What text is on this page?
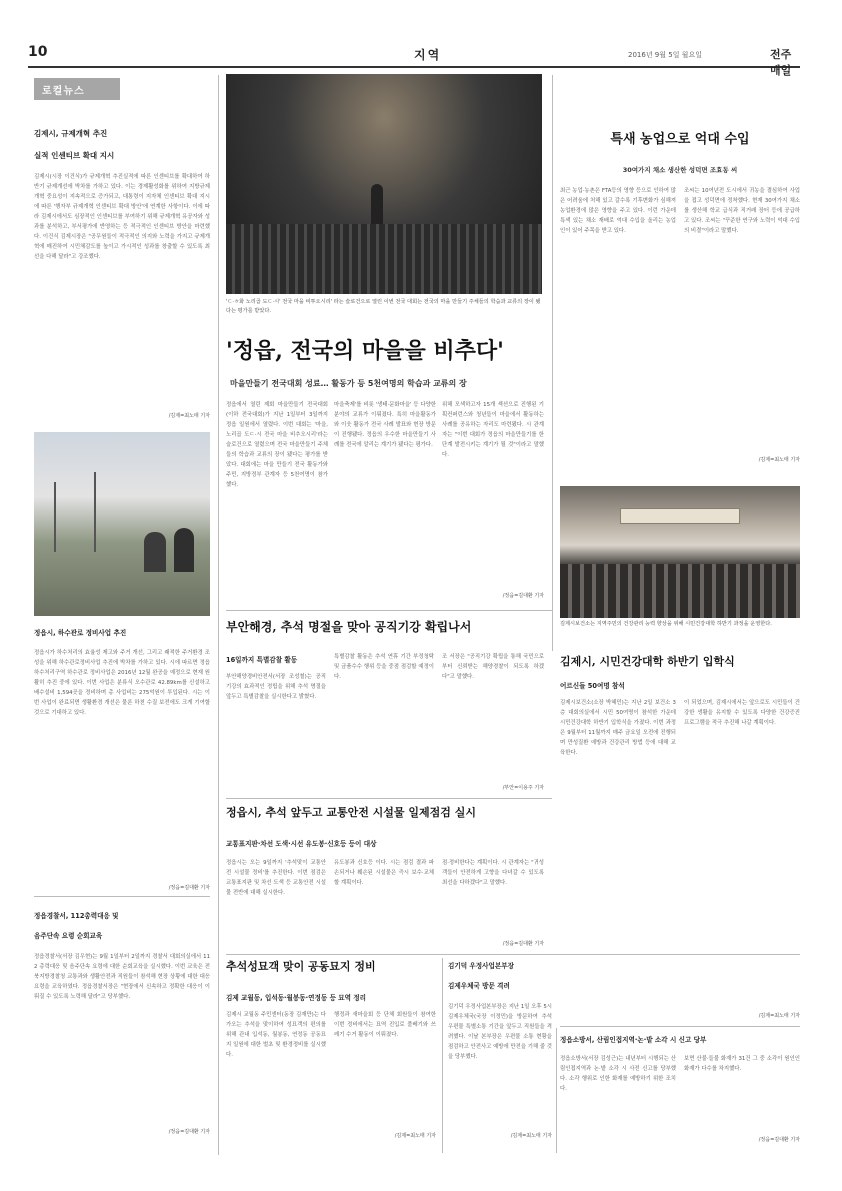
10	지역	2016년 9월 5일 월요일	전주매일
로컬뉴스
김제시, 규제개혁 추진
실적 인센티브 확대 지시
김제시(시장 이건식)가 규제개혁 추진실적에 따른 인센티브를 확대하여 하반기 규제개선에 박차를 가하고 있다. 이는 경제활성화를 위하여 지방규제개혁 중요성이 지속적으로 증가되고, 대통령이 지자체 인센티브 확대 지시에 따른 '행자부 규제개혁 인센티브 확대 방안'에 연계한 사항이다. 이에 따라 김제시에서도 심장적인 인센티브를 부여하기 위해 규제개혁 유공자와 성과를 분석하고, 부서평가에 반영하는 등 적극적인 인센티브 방안을 마련했다. 이건식 김제시장은 "공무원들이 적극적인 의지와 노력을 가지고 규제개혁에 매진하여 시민체감도를 높이고 가시적인 성과를 창출할 수 있도록 최선을 다해 달라"고 강조했다.
/김제=최노태 기자
정읍시, 하수관로 정비사업 추진
정읍시가 하수처리의 효율성 제고와 주거 개선, 그리고 쾌적한 주거환경 조성을 위해 하수관로정비사업 추진에 박차를 가하고 있다. 시에 따르면 정읍 하수처리구역 하수관로 정비사업은 2016년 12월 완공을 예정으로 현재 원활히 추진 중에 있다. 이번 사업은 분류식 오수관로 42.89km를 신설하고 배수설비 1,594곳을 정비하며 총 사업비는 275억원이 투입된다. 시는 이번 사업이 완료되면 생활환경 개선은 물론 하천 수질 보전에도 크게 기여할 것으로 기대하고 있다.
/정읍=김대환 기자
정읍경찰서, 112총력대응 및
음주단속 요령 순회교육
정읍경찰서(서장 김우현)는 9월 1일부터 2일까지 경찰서 대회의실에서 112 총력대응 및 음주단속 요령에 대한 순회교육을 실시했다. 이번 교육은 전북지방경찰청 교통과와 생활안전과 직원들이 참석해 현장 상황에 대한 대응요령을 교육하였다. 정읍경찰서장은 "현장에서 신속하고 정확한 대응이 이뤄질 수 있도록 노력해 달라"고 당부했다.
/정읍=김대환 기자
'ㄷ·ㅎ화 노리곱 도ㄷ·시' 전국 마을 비투오시리' 라는 슬로건으로 열린 이번 전국 대회는 전국의 마을 만들기 주체들의 학습과 교류의 장이 됐다는 평가를 받았다.
'정읍, 전국의 마을을 비추다'
마을만들기 전국대회 성료… 활동가 등 5천여명의 학습과 교류의 장
정읍에서 열린 제회 마을만들기 전국대회(이하 전국대회)가 지난 1일부터 3일까지 정읍 일원에서 열렸다. 이번 대회는 '마을, 노리곱 도ㄷ·시 전국 마을 비추오시리'라는 슬로건으로 열렸으며 전국 마을만들기 주체들의 학습과 교류의 장이 됐다는 평가를 받았다. 대회에는 마을 만들기 전국 활동가와 주민, 지방정부 관계자 등 5천여명이 참가했다.
마을축제'를 비롯 '생태·문화마을' 등 다양한 분야의 교류가 이뤄졌다. 특히 마을활동가와 이웃 활동가 전국 사례 발표와 현장 방문이 진행됐다. 정읍의 우수한 마을만들기 사례를 전국에 알리는 계기가 됐다는 평가다.
위해 모색하고자 15개 섹션으로 진행된 기획컨퍼런스와 청년들이 마을에서 활동하는 사례를 공유하는 자리도 마련됐다. 시 관계자는 "이번 대회가 정읍의 마을만들기를 한 단계 발전시키는 계기가 될 것"이라고 말했다.
/정읍=김대환 기자
특새 농업으로 억대 수입
30여가지 채소 생산한 성덕면 조효동 씨
최근 농업·농촌은 FTA등의 영향 등으로 인하여 많은 어려움에 처해 있고 갈수록 기후변화가 심해져 농업환경에 많은 영향을 주고 있다. 이런 가운데 특색 있는 채소 재배로 억대 수입을 올리는 농업인이 있어 주목을 받고 있다.
조씨는 10여년전 도시에서 귀농을 결심하여 사업을 접고 성덕면에 정착했다. 현재 30여가지 채소를 생산해 학교 급식과 직거래 장터 등에 공급하고 있다. 조씨는 "꾸준한 연구와 노력이 억대 수입의 비결"이라고 말했다.
/김제=최노태 기자
김제시보건소는 지역주민의 건강관리 능력 향상을 위해 시민건강대학 하반기 과정을 운영한다.
김제시, 시민건강대학 하반기 입학식
어르신들 50여명 참석
김제시보건소(소장 박혜민)는 지난 2일 보건소 3층 대회의실에서 시민 50여명이 참석한 가운데 시민건강대학 하반기 입학식을 가졌다. 이번 과정은 9월부터 11월까지 매주 금요일 오전에 진행되며 만성질환 예방과 건강관리 방법 등에 대해 교육한다.
이 되었으며, 김제시에서는 앞으로도 시민들이 건강한 생활을 유지할 수 있도록 다양한 건강증진 프로그램을 적극 추진해 나갈 계획이다.
/김제=최노태 기자
부안해경, 추석 명절을 맞아 공직기강 확립나서
16일까지 특별감찰 활동
부안해양경비안전서(서장 조성철)는 공직기강의 효과적인 정립을 위해 추석 명절을 앞두고 특별감찰을 실시한다고 밝혔다.
특별감찰 활동은 추석 연휴 기간 부정청탁 및 금품수수 행위 등을 중점 점검할 예정이다.
조 서장은 "공직기강 확립을 통해 국민으로부터 신뢰받는 해양경찰이 되도록 하겠다"고 말했다.
/부안=이용주 기자
정읍시, 추석 앞두고 교통안전 시설물 일제점검 실시
교통표지판·차선 도색·시선 유도봉·신호등 등이 대상
정읍시는 오는 9일까지 '추석맞이 교통안전 시설물 정비'를 추진한다. 이번 점검은 교통표지판 및 차선 도색 등 교통안전 시설물 전반에 대해 실시한다.
유도봉과 신호등 이다. 시는 점검 결과 파손되거나 훼손된 시설물은 즉시 보수·교체할 계획이다.
점·정비한다는 계획이다. 시 관계자는 "귀성객들이 안전하게 고향을 다녀갈 수 있도록 최선을 다하겠다"고 말했다.
/정읍=김대환 기자
추석성묘객 맞이 공동묘지 정비
김제 교월동, 입석동·월봉동·연정동 등 묘역 정리
김제시 교월동 주민센터(동장 김재만)는 다가오는 추석을 맞이하여 성묘객의 편의를 위해 관내 입석동, 월봉동, 연정동 공동묘지 일원에 대한 벌초 및 환경정비를 실시했다.
행정과 새마을회 등 단체 회원들이 참여한 이번 정비에서는 묘역 진입로 풀베기와 쓰레기 수거 활동이 이뤄졌다.
/김제=최노태 기자
김기덕 우정사업본부장
김제우체국 방문 격려
김기덕 우정사업본부장은 지난 1일 오후 5시 김제우체국(국장 이정민)을 방문하여 추석 우편물 특별소통 기간을 앞두고 직원들을 격려했다. 이날 본부장은 우편물 소통 현황을 점검하고 안전사고 예방에 만전을 기해 줄 것을 당부했다.
/김제=최노태 기자
정읍소방서, 산림인접지역·논·밭 소각 시 신고 당부
정읍소방서(서장 김성근)는 내년부터 시행되는 산림인접지역과 논·밭 소각 시 사전 신고를 당부했다. 소각 행위로 인한 화재를 예방하기 위한 조치다.
보면 산불·들불 화재가 31건 그 중 소각이 원인인 화재가 다수를 차지했다.
/정읍=김대환 기자
